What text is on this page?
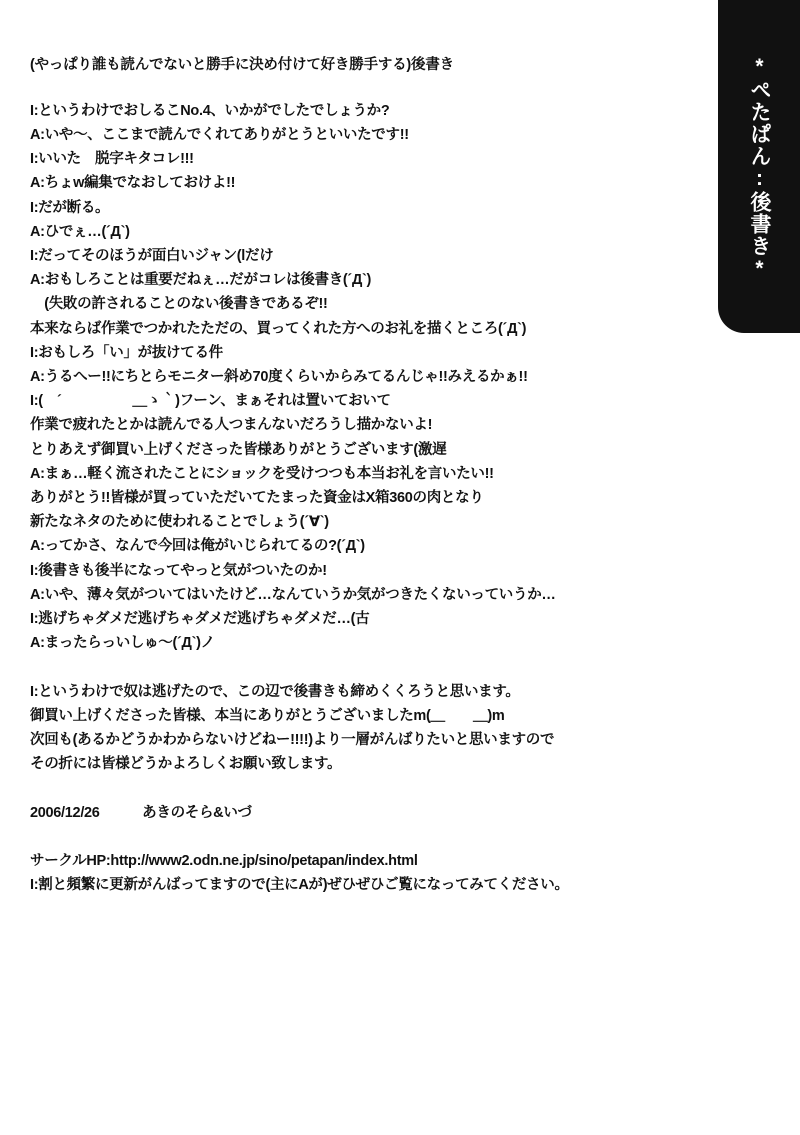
*ぺたぱん:後書き*
(やっぱり誰も読んでないと勝手に決め付けて好き勝手する)後書き
I:というわけでおしるこNo.4、いかがでしたでしょうか?
A:いや～、ここまで読んでくれてありがとうといいたです!!
I:いいた　脱字キタコレ!!!
A:ちょw編集でなおしておけよ!!
I:だが断る。
A:ひでぇ…(´Д`)
I:だってそのほうが面白いジャン(lだけ
A:おもしろことは重要だねぇ…だがコレは後書き(´Д`)
　(失敗の許されることのない後書きであるぞ!!
本来ならば作業でつかれたただの、買ってくれた方へのお礼を描くところ(´Д`)
I:おもしろ「い」が抜けてる件
A:うるへー!!にちとらモニター斜め70度くらいからみてるんじゃ!!みえるかぁ!!
I:(　´　　　　　＿ゝ｀)フーン、まぁそれは置いておいて
作業で疲れたとかは読んでる人つまんないだろうし描かないよ!
とりあえず御買い上げくださった皆様ありがとうございます(激遅
A:まぁ…軽く流されたことにショックを受けつつも本当お礼を言いたい!!
ありがとう!!皆様が買っていただいてたまった資金はX箱360の肉となり
新たなネタのために使われることでしょう(´∀`)
A:ってかさ、なんで今回は俺がいじられてるの?(´Д`)
I:後書きも後半になってやっと気がついたのか!
A:いや、薄々気がついてはいたけど…なんていうか気がつきたくないっていうか…
I:逃げちゃダメだ逃げちゃダメだ逃げちゃダメだ…(古
A:まったらっいしゅ～(´Д`)ノ
I:というわけで奴は逃げたので、この辺で後書きも締めくくろうと思います。
御買い上げくださった皆様、本当にありがとうございましたm(＿　　＿)m
次回も(あるかどうかわからないけどねー!!!!)より一層がんばりたいと思いますので
その折には皆様どうかよろしくお願い致します。
2006/12/26　　　あきのそら&いづ
サークルHP:http://www2.odn.ne.jp/sino/petapan/index.html
I:割と頻繁に更新がんばってますので(主にAが)ぜひぜひご覧になってみてください。
